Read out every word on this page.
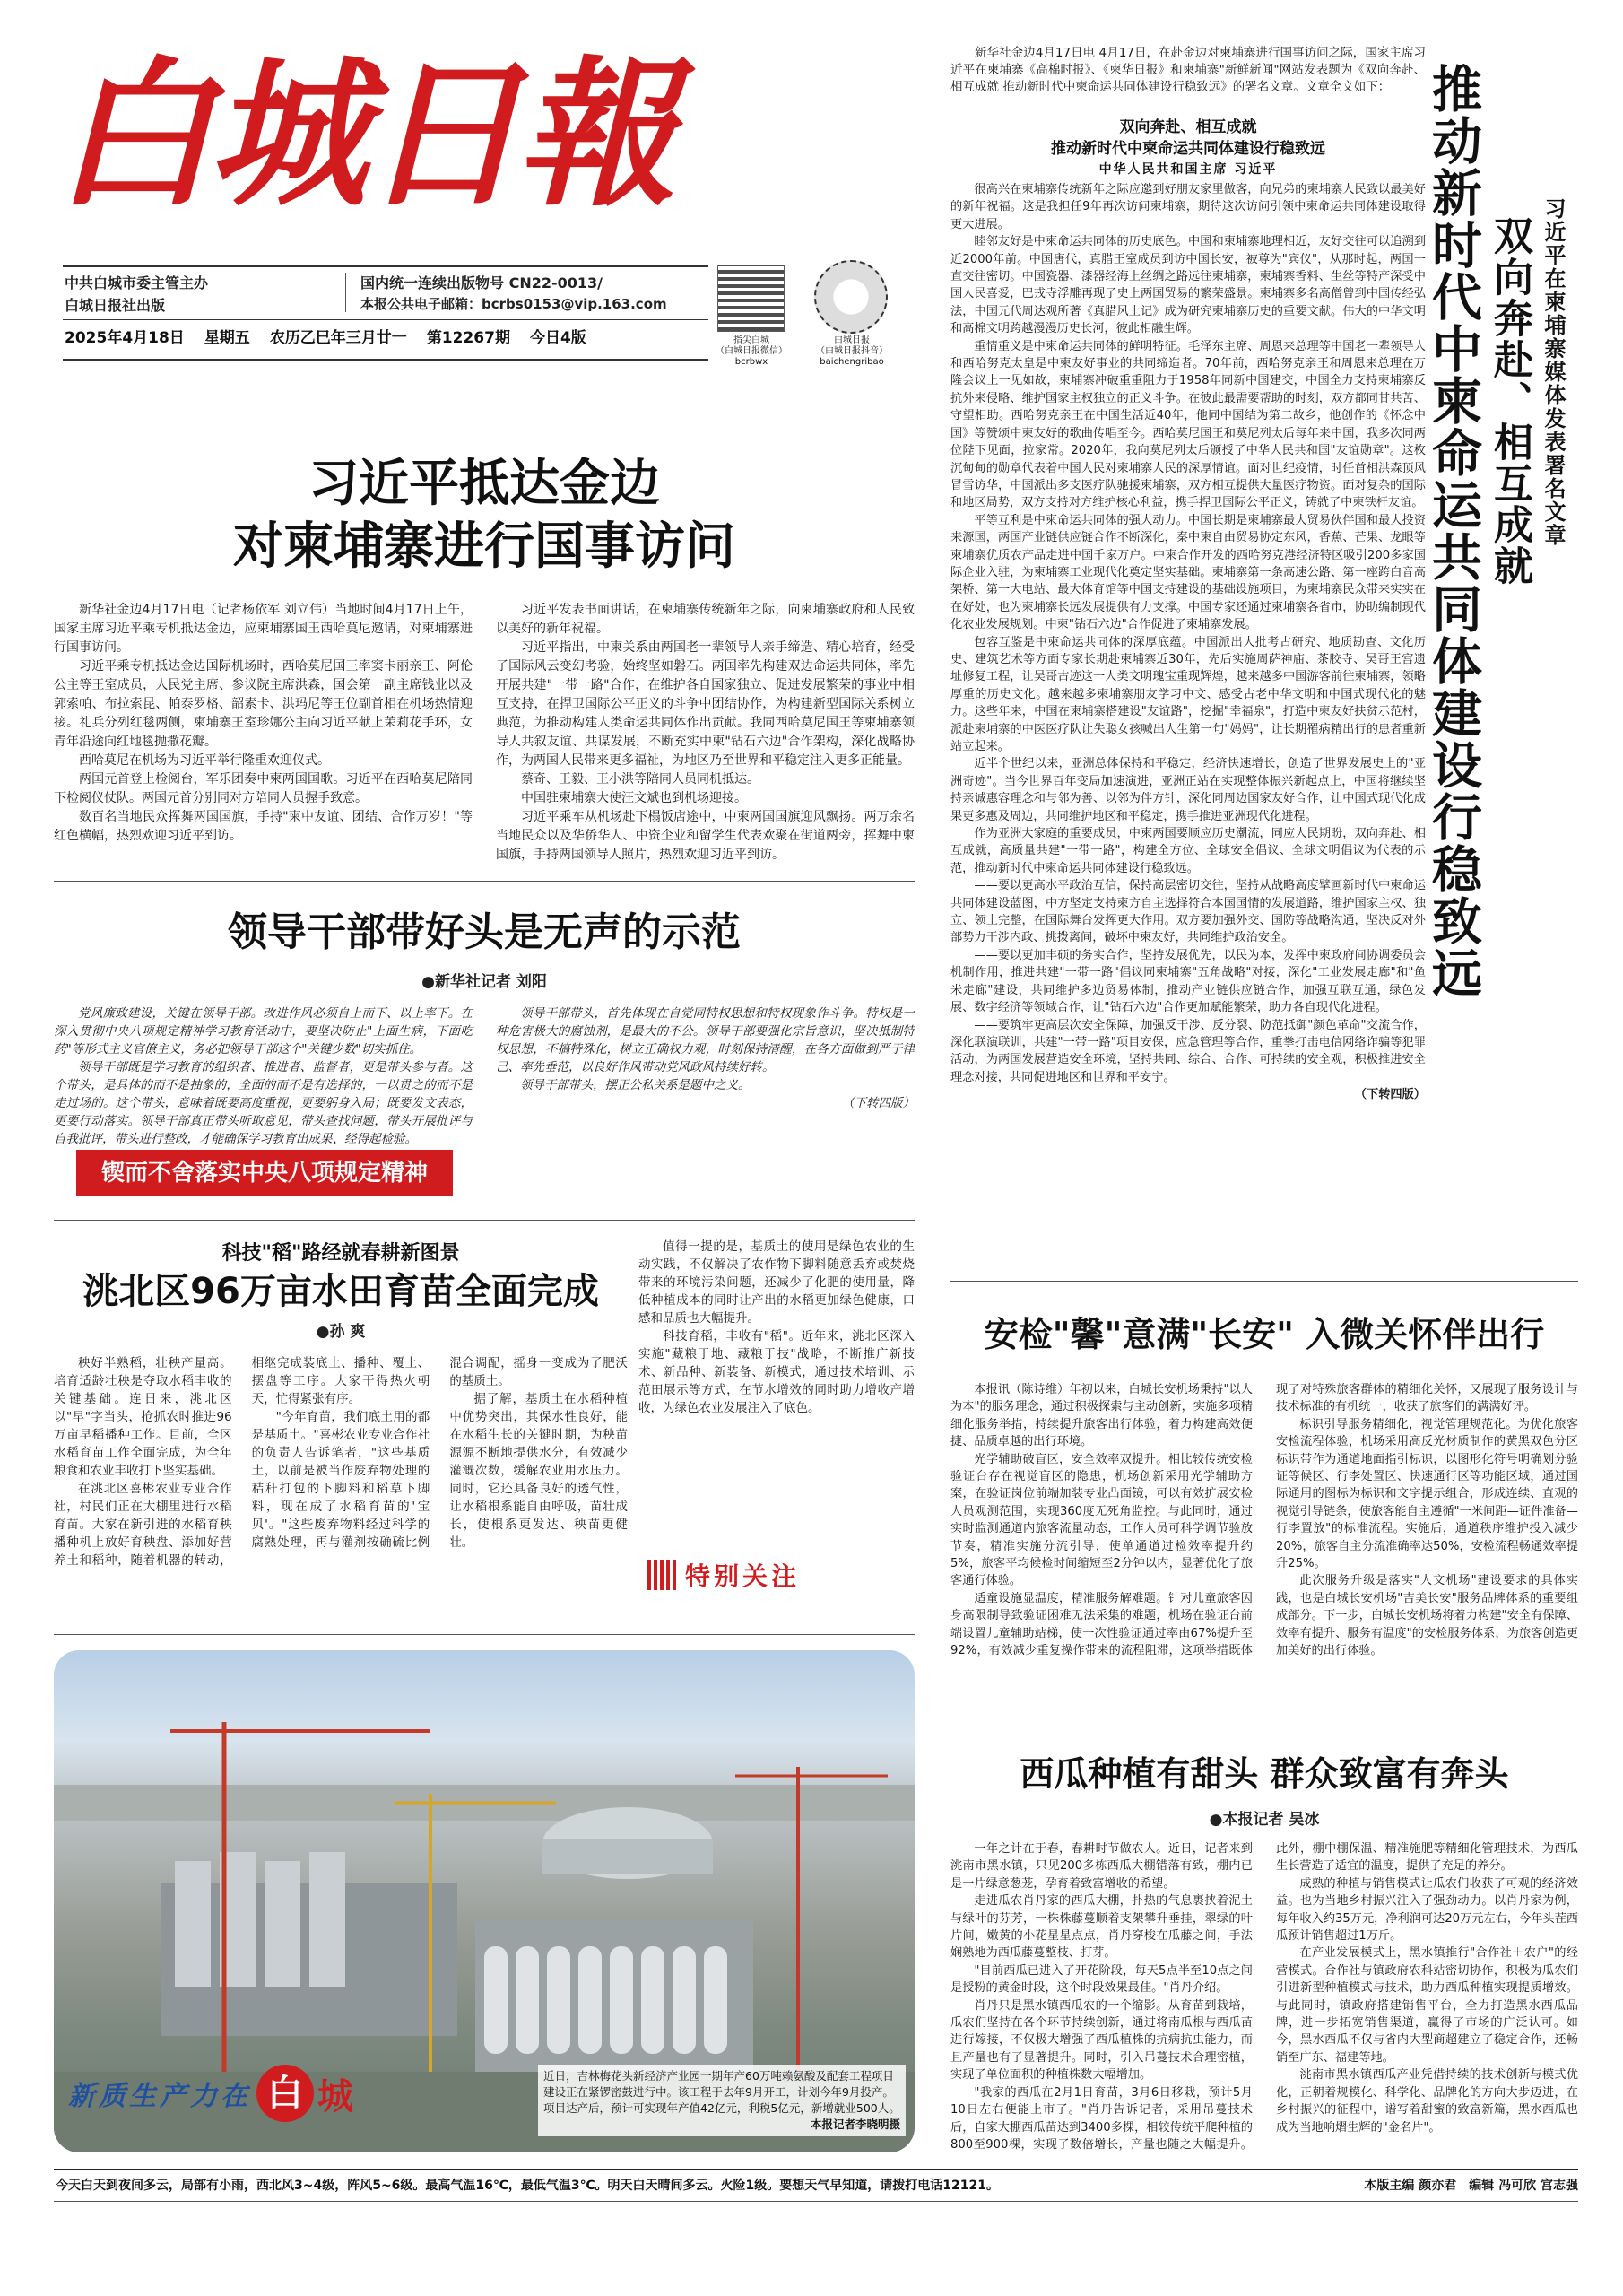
白城日報
中共白城市委主管主办
白城日报社出版
国内统一连续出版物号 CN22-0013/
本报公共电子邮箱：bcrbs0153@vip.163.com
2025年4月18日 星期五 农历乙巳年三月廿一 第12267期 今日4版	指尖白城
（白城日报微信）
bcrbwx
白城日报
（白城日报抖音）
baichengribao
习近平抵达金边
对柬埔寨进行国事访问

新华社金边4月17日电（记者杨依军 刘立伟）当地时间4月17日上午，国家主席习近平乘专机抵达金边，应柬埔寨国王西哈莫尼邀请，对柬埔寨进行国事访问。

习近平乘专机抵达金边国际机场时，西哈莫尼国王率窦卡丽亲王、阿伦公主等王室成员，人民党主席、参议院主席洪森，国会第一副主席钱业以及郭索帕、布拉索昆、帕泰罗格、韶素卡、洪玛尼等王位副首相在机场热情迎接。礼兵分列红毯两侧，柬埔寨王室珍娜公主向习近平献上茉莉花手环，女青年沿途向红地毯抛撒花瓣。

西哈莫尼在机场为习近平举行隆重欢迎仪式。

两国元首登上检阅台，军乐团奏中柬两国国歌。习近平在西哈莫尼陪同下检阅仪仗队。两国元首分别同对方陪同人员握手致意。

数百名当地民众挥舞两国国旗，手持"柬中友谊、团结、合作万岁！"等红色横幅，热烈欢迎习近平到访。

习近平发表书面讲话，在柬埔寨传统新年之际，向柬埔寨政府和人民致以美好的新年祝福。

习近平指出，中柬关系由两国老一辈领导人亲手缔造、精心培育，经受了国际风云变幻考验，始终坚如磐石。两国率先构建双边命运共同体，率先开展共建"一带一路"合作，在维护各自国家独立、促进发展繁荣的事业中相互支持，在捍卫国际公平正义的斗争中团结协作，为构建新型国际关系树立典范，为推动构建人类命运共同体作出贡献。我同西哈莫尼国王等柬埔寨领导人共叙友谊、共谋发展，不断充实中柬"钻石六边"合作架构，深化战略协作，为两国人民带来更多福祉，为地区乃至世界和平稳定注入更多正能量。

蔡奇、王毅、王小洪等陪同人员同机抵达。

中国驻柬埔寨大使汪文斌也到机场迎接。

习近平乘车从机场赴下榻饭店途中，中柬两国国旗迎风飘扬。两万余名当地民众以及华侨华人、中资企业和留学生代表欢聚在街道两旁，挥舞中柬国旗，手持两国领导人照片，热烈欢迎习近平到访。

领导干部带好头是无声的示范
●新华社记者 刘阳

党风廉政建设，关键在领导干部。改进作风必须自上而下、以上率下。在深入贯彻中央八项规定精神学习教育活动中，要坚决防止"上面生病，下面吃药"等形式主义官僚主义，务必把领导干部这个"关键少数"切实抓住。

领导干部既是学习教育的组织者、推进者、监督者，更是带头参与者。这个带头，是具体的而不是抽象的，全面的而不是有选择的，一以贯之的而不是走过场的。这个带头，意味着既要高度重视，更要躬身入局；既要发文表态，更要行动落实。领导干部真正带头听取意见，带头查找问题，带头开展批评与自我批评，带头进行整改，才能确保学习教育出成果、经得起检验。

领导干部带头，首先体现在自觉同特权思想和特权现象作斗争。特权是一种危害极大的腐蚀剂，是最大的不公。领导干部要强化宗旨意识，坚决抵制特权思想，不搞特殊化，树立正确权力观，时刻保持清醒，在各方面做到严于律己、率先垂范，以良好作风带动党风政风持续好转。

领导干部带头，摆正公私关系是题中之义。

（下转四版）

锲而不舍落实中央八项规定精神
科技"稻"路经就春耕新图景
洮北区96万亩水田育苗全面完成
●孙 爽

秧好半熟稻，壮秧产量高。培育适龄壮秧是夺取水稻丰收的关键基础。连日来，洮北区以"早"字当头，抢抓农时推进96万亩早稻播种工作。目前，全区水稻育苗工作全面完成，为全年粮食和农业丰收打下坚实基础。

在洮北区喜彬农业专业合作社，村民们正在大棚里进行水稻育苗。大家在新引进的水稻育秧播种机上放好育秧盘、添加好营养土和稻种，随着机器的转动，相继完成装底土、播种、覆土、摆盘等工序。大家干得热火朝天，忙得紧张有序。

"今年育苗，我们底土用的都是基质土。"喜彬农业专业合作社的负责人告诉笔者，"这些基质土，以前是被当作废弃物处理的秸秆打包的下脚料和稻草下脚料，现在成了水稻育苗的'宝贝'。"这些废弃物料经过科学的腐熟处理，再与灌剂按确硫比例混合调配，摇身一变成为了肥沃的基质土。

据了解，基质土在水稻种植中优势突出，其保水性良好，能在水稻生长的关键时期，为秧苗源源不断地提供水分，有效减少灌溉次数，缓解农业用水压力。同时，它还具备良好的透气性，让水稻根系能自由呼吸，苗壮成长，使根系更发达、秧苗更健壮。

值得一提的是，基质土的使用是绿色农业的生动实践，不仅解决了农作物下脚料随意丢弃或焚烧带来的环境污染问题，还减少了化肥的使用量，降低种植成本的同时让产出的水稻更加绿色健康，口感和品质也大幅提升。

科技育稻，丰收有"稻"。近年来，洮北区深入实施"藏粮于地、藏粮于技"战略，不断推广新技术、新品种、新装备、新模式，通过技术培训、示范田展示等方式，在节水增效的同时助力增收产增收，为绿色农业发展注入了底色。

特别关注
新质生产力在 白 城	近日，吉林梅花头新经济产业园一期年产60万吨赖氨酸及配套工程项目建设正在紧锣密鼓进行中。该工程于去年9月开工，计划今年9月投产。项目达产后，预计可实现年产值42亿元，利税5亿元，新增就业500人。
本报记者李晓明摄

新华社金边4月17日电 4月17日，在赴金边对柬埔寨进行国事访问之际，国家主席习近平在柬埔寨《高棉时报》、《柬华日报》和柬埔寨"新鲜新闻"网站发表题为《双向奔赴、相互成就 推动新时代中柬命运共同体建设行稳致远》的署名文章。文章全文如下：

双向奔赴、相互成就
推动新时代中柬命运共同体建设行稳致远
中华人民共和国主席 习近平

很高兴在柬埔寨传统新年之际应邀到好朋友家里做客，向兄弟的柬埔寨人民致以最美好的新年祝福。这是我担任9年再次访问柬埔寨，期待这次访问引领中柬命运共同体建设取得更大进展。

睦邻友好是中柬命运共同体的历史底色。中国和柬埔寨地理相近，友好交往可以追溯到近2000年前。中国唐代，真腊王室成员到访中国长安，被尊为"宾仪"，从那时起，两国一直交往密切。中国瓷器、漆器经海上丝绸之路远往柬埔寨，柬埔寨香料、生丝等特产深受中国人民喜爱，巴戎寺浮雕再现了史上两国贸易的繁荣盛景。柬埔寨多名高僧曾到中国传经弘法，中国元代周达观所著《真腊风土记》成为研究柬埔寨历史的重要文献。伟大的中华文明和高棉文明跨越漫漫历史长河，彼此相融生辉。

重情重义是中柬命运共同体的鲜明特征。毛泽东主席、周恩来总理等中国老一辈领导人和西哈努克太皇是中柬友好事业的共同缔造者。70年前，西哈努克亲王和周恩来总理在万隆会议上一见如故，柬埔寨冲破重重阻力于1958年同新中国建交，中国全力支持柬埔寨反抗外来侵略、维护国家主权独立的正义斗争。在彼此最需要帮助的时刻，双方都同甘共苦、守望相助。西哈努克亲王在中国生活近40年，他同中国结为第二故乡，他创作的《怀念中国》等赞颂中柬友好的歌曲传唱至今。西哈莫尼国王和莫尼列太后每年来中国，我多次同两位陛下见面，拉家常。2020年，我向莫尼列太后颁授了中华人民共和国"友谊勋章"。这枚沉甸甸的勋章代表着中国人民对柬埔寨人民的深厚情谊。面对世纪疫情，时任首相洪森顶风冒雪访华，中国派出多支医疗队驰援柬埔寨，双方相互提供大量医疗物资。面对复杂的国际和地区局势，双方支持对方维护核心利益，携手捍卫国际公平正义，铸就了中柬铁杆友谊。

平等互利是中柬命运共同体的强大动力。中国长期是柬埔寨最大贸易伙伴国和最大投资来源国，两国产业链供应链合作不断深化，秦中柬自由贸易协定东风，香蕉、芒果、龙眼等柬埔寨优质农产品走进中国千家万户。中柬合作开发的西哈努克港经济特区吸引200多家国际企业入驻，为柬埔寨工业现代化奠定坚实基础。柬埔寨第一条高速公路、第一座跨白音高架桥、第一大电站、最大体育馆等中国支持建设的基础设施项目，为柬埔寨民众带来实实在在好处，也为柬埔寨长远发展提供有力支撑。中国专家还通过柬埔寨各省市，协助编制现代化农业发展规划。中柬"钻石六边"合作促进了柬埔寨发展。

包容互鉴是中柬命运共同体的深厚底蕴。中国派出大批考古研究、地质勘查、文化历史、建筑艺术等方面专家长期赴柬埔寨近30年，先后实施周萨神庙、茶胶寺、吴哥王宫遗址修复工程，让吴哥古迹这一人类文明瑰宝重现辉煌，越来越多中国游客前往柬埔寨，领略厚重的历史文化。越来越多柬埔寨朋友学习中文、感受古老中华文明和中国式现代化的魅力。这些年来，中国在柬埔寨搭建设"友谊路"，挖掘"幸福泉"，打造中柬友好扶贫示范村，派赴柬埔寨的中医医疗队让失聪女孩喊出人生第一句"妈妈"，让长期罹病精出行的患者重新站立起来。

近半个世纪以来，亚洲总体保持和平稳定，经济快速增长，创造了世界发展史上的"亚洲奇迹"。当今世界百年变局加速演进，亚洲正站在实现整体振兴新起点上，中国将继续坚持亲诚惠容理念和与邻为善、以邻为伴方针，深化同周边国家友好合作，让中国式现代化成果更多惠及周边，共同维护地区和平稳定，携手推进亚洲现代化进程。

作为亚洲大家庭的重要成员，中柬两国要顺应历史潮流，同应人民期盼，双向奔赴、相互成就，高质量共建"一带一路"，构建全方位、全球安全倡议、全球文明倡议为代表的示范，推动新时代中柬命运共同体建设行稳致远。

——要以更高水平政治互信，保持高层密切交往，坚持从战略高度擘画新时代中柬命运共同体建设蓝图，中方坚定支持柬方自主选择符合本国国情的发展道路，维护国家主权、独立、领土完整，在国际舞台发挥更大作用。双方要加强外交、国防等战略沟通，坚决反对外部势力干涉内政、挑拨离间，破坏中柬友好，共同维护政治安全。

——要以更加丰硕的务实合作，坚持发展优先，以民为本，发挥中柬政府间协调委员会机制作用，推进共建"一带一路"倡议同柬埔寨"五角战略"对接，深化"工业发展走廊"和"鱼米走廊"建设，共同维护多边贸易体制，推动产业链供应链合作，加强互联互通，绿色发展、数字经济等领域合作，让"钻石六边"合作更加赋能繁荣，助力各自现代化进程。

——要筑牢更高层次安全保障，加强反干涉、反分裂、防范抵御"颜色革命"交流合作，深化联演联训，共建"一带一路"项目安保，应急管理等合作，重拳打击电信网络诈骗等犯罪活动，为两国发展营造安全环境，坚持共同、综合、合作、可持续的安全观，积极推进安全理念对接，共同促进地区和世界和平安宁。

（下转四版）

推动新时代中柬命运共同体建设行稳致远 双向奔赴、相互成就 习近平在柬埔寨媒体发表署名文章
安检"馨"意满"长安" 入微关怀伴出行

本报讯（陈诗维）年初以来，白城长安机场秉持"以人为本"的服务理念，通过积极探索与主动创新，实施多项精细化服务举措，持续提升旅客出行体验，着力构建高效便捷、品质卓越的出行环境。

光学辅助破盲区，安全效率双提升。相比较传统安检验证台存在视觉盲区的隐患，机场创新采用光学辅助方案，在验证岗位前端加装专业凸面镜，可以有效扩展安检人员观测范围，实现360度无死角监控。与此同时，通过实时监测通道内旅客流量动态，工作人员可科学调节验放节奏，精准实施分流引导，使单通道过检效率提升约5%，旅客平均候检时间缩短至2分钟以内，显著优化了旅客通行体验。

适童设施显温度，精准服务解难题。针对儿童旅客因身高限制导致验证困难无法采集的难题，机场在验证台前端设置儿童辅助站梯，使一次性验证通过率由67%提升至92%，有效减少重复操作带来的流程阻滞，这项举措既体现了对特殊旅客群体的精细化关怀，又展现了服务设计与技术标准的有机统一，收获了旅客们的满满好评。

标识引导服务精细化，视觉管理规范化。为优化旅客安检流程体验，机场采用高反光材质制作的黄黑双色分区标识带作为通道地面指引标识，以图形化符号明确划分验证等候区、行李处置区、快速通行区等功能区域，通过国际通用的图标为标识和文字提示组合，形成连续、直观的视觉引导链条，使旅客能自主遵循"一米间距—证件准备—行李置放"的标准流程。实施后，通道秩序维护投入减少20%，旅客自主分流准确率达50%，安检流程畅通效率提升25%。

此次服务升级是落实"人文机场"建设要求的具体实践，也是白城长安机场"吉美长安"服务品牌体系的重要组成部分。下一步，白城长安机场将着力构建"安全有保障、效率有提升、服务有温度"的安检服务体系，为旅客创造更加美好的出行体验。

西瓜种植有甜头 群众致富有奔头
●本报记者 吴冰

一年之计在于春，春耕时节做农人。近日，记者来到洮南市黑水镇，只见200多栋西瓜大棚错落有致，棚内已是一片绿意葱茏，孕育着致富增收的希望。

走进瓜农肖丹家的西瓜大棚，扑热的气息裹挟着泥土与绿叶的芬芳，一株株藤蔓顺着支架攀升垂挂，翠绿的叶片间，嫩黄的小花星星点点，肖丹穿梭在瓜藤之间，手法娴熟地为西瓜藤蔓整枝、打芽。

"目前西瓜已进入了开花阶段，每天5点半至10点之间是授粉的黄金时段，这个时段效果最佳。"肖丹介绍。

肖丹只是黑水镇西瓜农的一个缩影。从育苗到栽培，瓜农们坚持在各个环节持续创新，通过将南瓜根与西瓜苗进行嫁接，不仅极大增强了西瓜植株的抗病抗虫能力，而且产量也有了显著提升。同时，引入吊蔓技术合理密植，实现了单位面积的种植株数大幅增加。

"我家的西瓜在2月1日育苗，3月6日移栽，预计5月10日左右便能上市了。"肖丹告诉记者，采用吊蔓技术后，自家大棚西瓜苗达到3400多棵，相较传统平爬种植的800至900棵，实现了数倍增长，产量也随之大幅提升。此外，棚中棚保温、精准施肥等精细化管理技术，为西瓜生长营造了适宜的温度，提供了充足的养分。

成熟的种植与销售模式让瓜农们收获了可观的经济效益。也为当地乡村振兴注入了强劲动力。以肖丹家为例，每年收入约35万元，净利润可达20万元左右，今年头茬西瓜预计销售超过1万斤。

在产业发展模式上，黑水镇推行"合作社＋农户"的经营模式。合作社与镇政府农科站密切协作，积极为瓜农们引进新型种植模式与技术，助力西瓜种植实现提质增效。与此同时，镇政府搭建销售平台，全力打造黑水西瓜品牌，进一步拓宽销售渠道，赢得了市场的广泛认可。如今，黑水西瓜不仅与省内大型商超建立了稳定合作，还畅销至广东、福建等地。

洮南市黑水镇西瓜产业凭借持续的技术创新与模式优化，正朝着规模化、科学化、品牌化的方向大步迈进，在乡村振兴的征程中，谱写着甜蜜的致富新篇，黑水西瓜也成为当地响熠生辉的"金名片"。

今天白天到夜间多云，局部有小雨，西北风3~4级，阵风5~6级。最高气温16℃，最低气温3℃。明天白天晴间多云。火险1级。要想天气早知道，请拨打电话12121。	本版主编 颜亦君　编辑 冯可欣 宫志强
